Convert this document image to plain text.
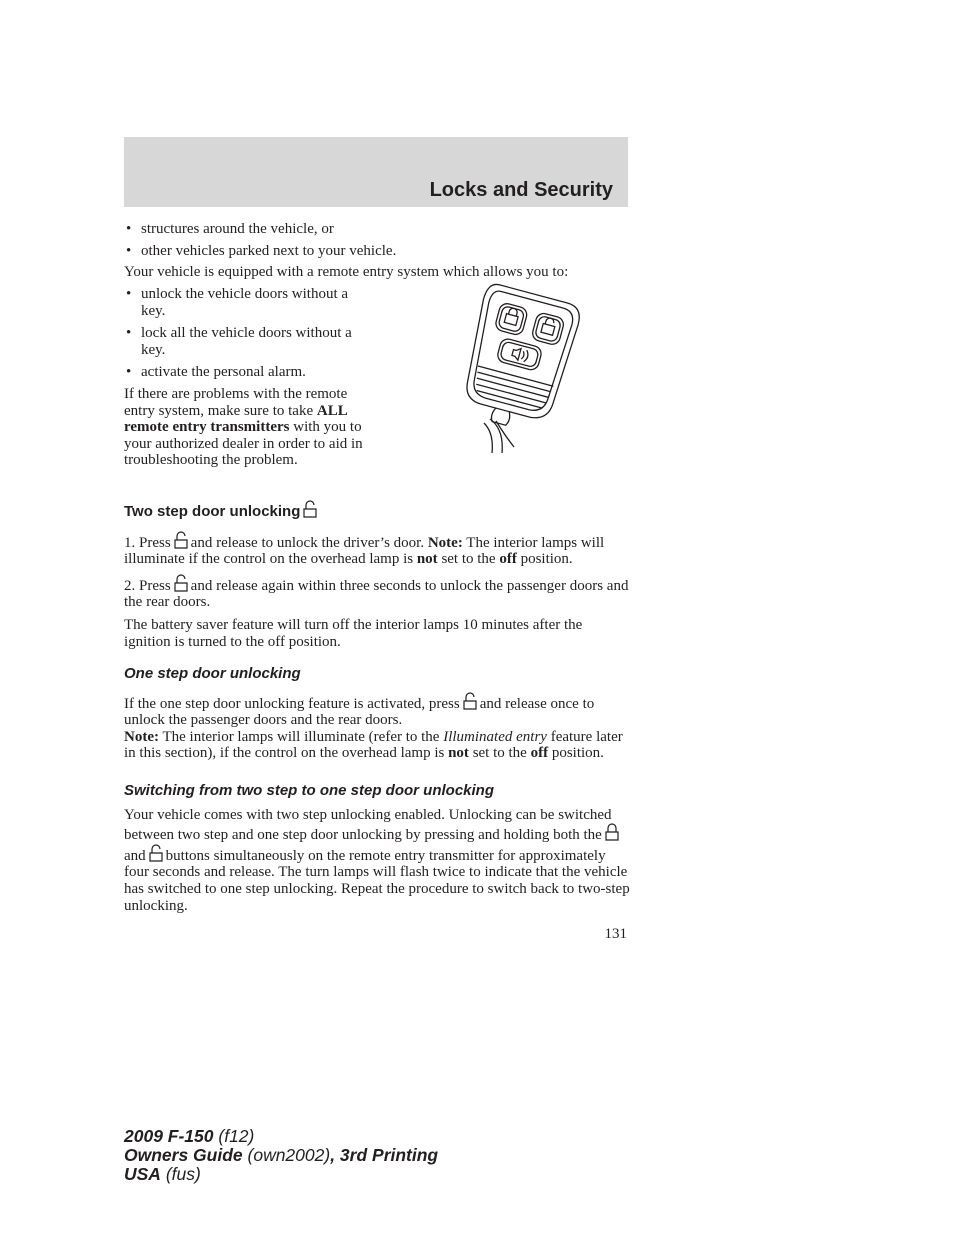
Locks and Security

• structures around the vehicle, or

• other vehicles parked next to your vehicle.

Your vehicle is equipped with a remote entry system which allows you to:

• unlock the vehicle doors without a key.

• lock all the vehicle doors without a key.

• activate the personal alarm.

If there are problems with the remote entry system, make sure to take ALL remote entry transmitters with you to your authorized dealer in order to aid in troubleshooting the problem.

Two step door unlocking

1. Press and release to unlock the driver’s door. Note: The interior lamps will illuminate if the control on the overhead lamp is not set to the off position.

2. Press and release again within three seconds to unlock the passenger doors and the rear doors.

The battery saver feature will turn off the interior lamps 10 minutes after the ignition is turned to the off position.

One step door unlocking

If the one step door unlocking feature is activated, press and release once to unlock the passenger doors and the rear doors.
Note: The interior lamps will illuminate (refer to the Illuminated entry feature later in this section), if the control on the overhead lamp is not set to the off position.

Switching from two step to one step door unlocking

Your vehicle comes with two step unlocking enabled. Unlocking can be switched between two step and one step door unlocking by pressing and holding both the
and buttons simultaneously on the remote entry transmitter for approximately four seconds and release. The turn lamps will flash twice to indicate that the vehicle has switched to one step unlocking. Repeat the procedure to switch back to two-step unlocking.

131
2009 F-150 (f12)
Owners Guide (own2002), 3rd Printing
USA (fus)
